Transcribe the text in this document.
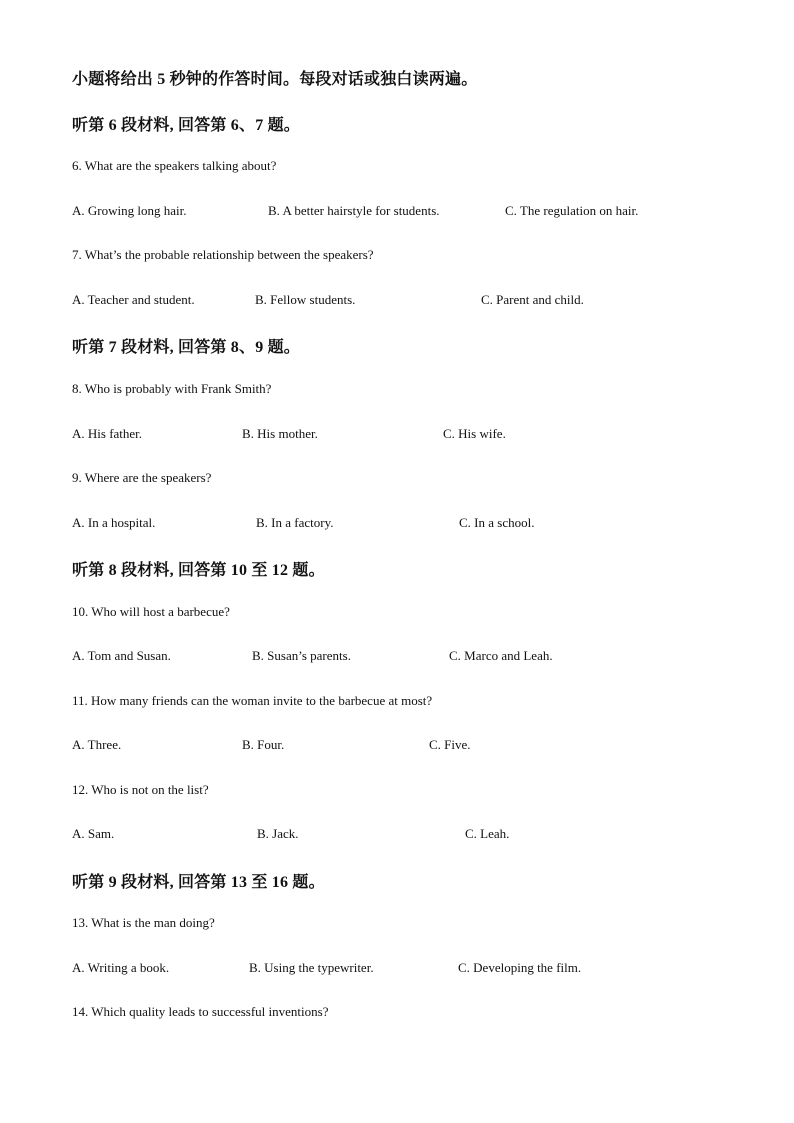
小题将给出 5 秒钟的作答时间。每段对话或独白读两遍。
听第 6 段材料, 回答第 6、7 题。
6. What are the speakers talking about?
A. Growing long hair.	B. A better hairstyle for students.	C. The regulation on hair.
7. What’s the probable relationship between the speakers?
A. Teacher and student.	B. Fellow students.	C. Parent and child.
听第 7 段材料, 回答第 8、9 题。
8. Who is probably with Frank Smith?
A. His father.	B. His mother.	C. His wife.
9. Where are the speakers?
A. In a hospital.	B. In a factory.	C. In a school.
听第 8 段材料, 回答第 10 至 12 题。
10. Who will host a barbecue?
A. Tom and Susan.	B. Susan’s parents.	C. Marco and Leah.
11. How many friends can the woman invite to the barbecue at most?
A. Three.	B. Four.	C. Five.
12. Who is not on the list?
A. Sam.	B. Jack.	C. Leah.
听第 9 段材料, 回答第 13 至 16 题。
13. What is the man doing?
A. Writing a book.	B. Using the typewriter.	C. Developing the film.
14. Which quality leads to successful inventions?
